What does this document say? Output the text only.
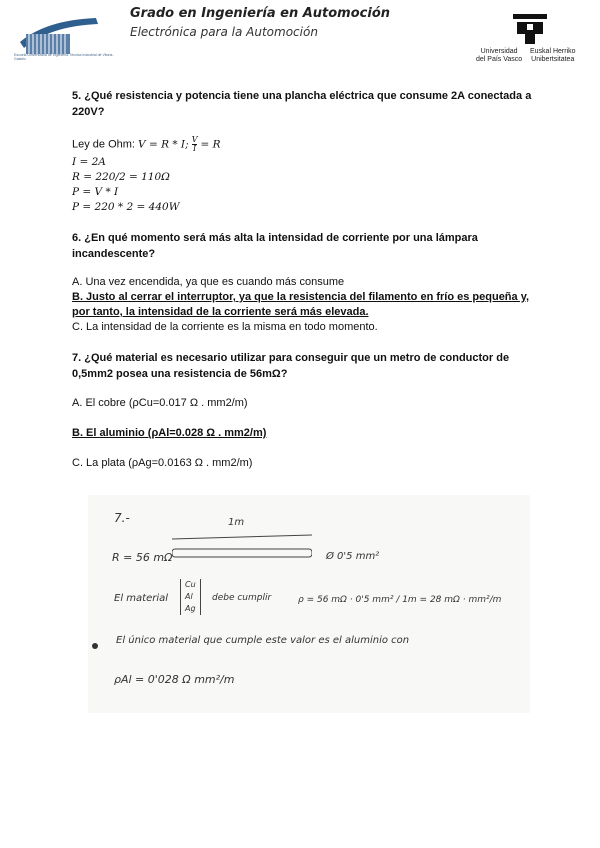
Escuela Universitaria de Ingeniería Técnica Industrial de Vitoria-Gasteiz
Grado en Ingeniería en Automoción
Electrónica para la Automoción
Universidad
del País Vasco
Euskal Herriko
Unibertsitatea
5. ¿Qué resistencia y potencia tiene una plancha eléctrica que consume 2A conectada a 220V?
Ley de Ohm: V = R * I; $\frac{V}{I} = R$
I = 2A
R = 220/2 = 110Ω
P = V * I
P = 220 * 2 = 440W
6. ¿En qué momento será más alta la intensidad de corriente por una lámpara incandescente?
A. Una vez encendida, ya que es cuando más consume
B. Justo al cerrar el interruptor, ya que la resistencia del filamento en frío es pequeña y, por tanto, la intensidad de la corriente será más elevada.
C. La intensidad de la corriente es la misma en todo momento.
7. ¿Qué material es necesario utilizar para conseguir que un metro de conductor de 0,5mm2 posea una resistencia de 56mΩ?
A. El cobre (ρCu=0.017 Ω . mm2/m)
B. El aluminio (ρAl=0.028 Ω . mm2/m)
C. La plata (ρAg=0.0163 Ω . mm2/m)
7.-	1m
R = 56 mΩ	Ø 0'5 mm²
El material
Cu
Al
Ag
debe cumplir	ρ = 56 mΩ · 0'5 mm² / 1m = 28 mΩ · mm²/m
El único material que cumple este valor es el aluminio con
ρAl = 0'028 Ω mm²/m
